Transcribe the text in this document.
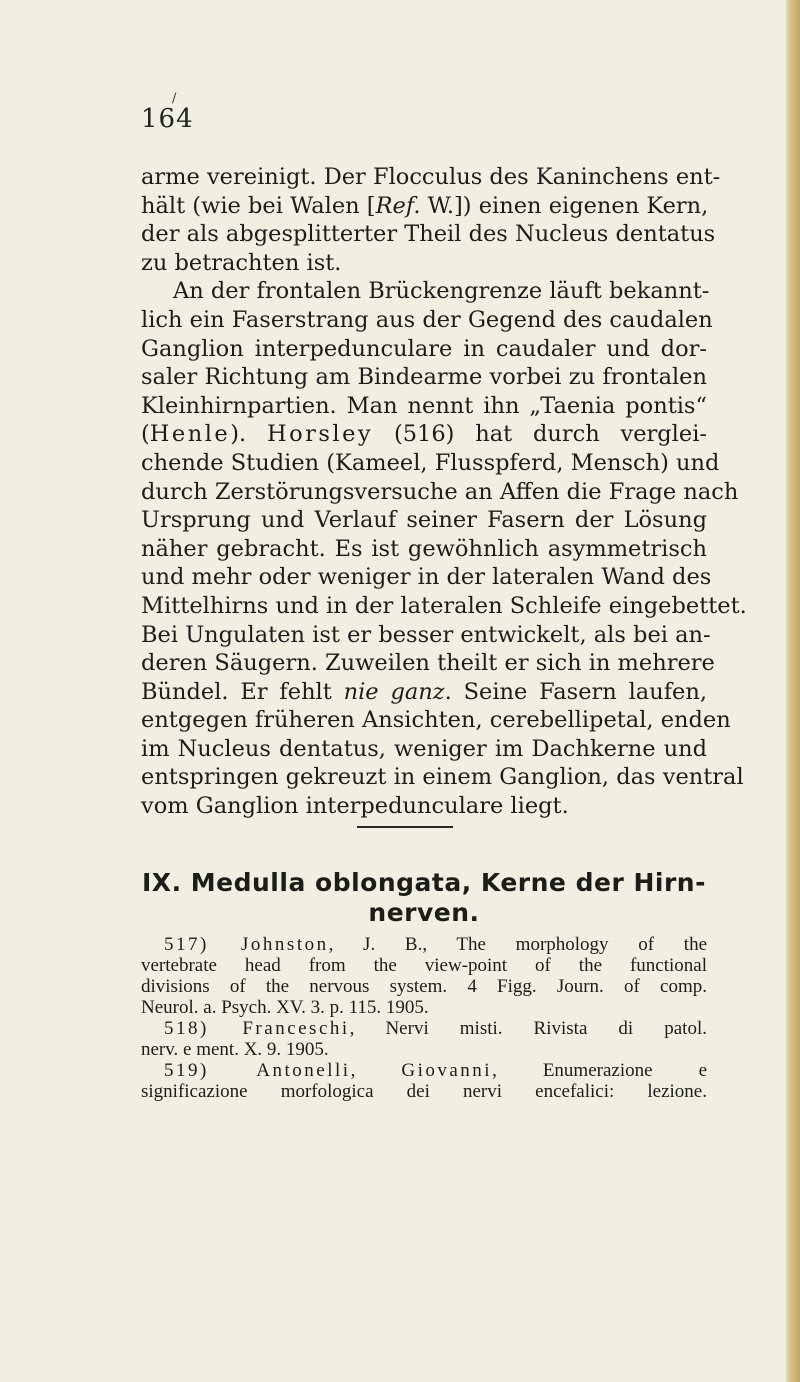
/
164
arme vereinigt. Der Flocculus des Kaninchens ent-
hält (wie bei Walen [Ref. W.]) einen eigenen Kern,
der als abgesplitterter Theil des Nucleus dentatus
zu betrachten ist.
An der frontalen Brückengrenze läuft bekannt-
lich ein Faserstrang aus der Gegend des caudalen
Ganglion interpedunculare in caudaler und dor-
saler Richtung am Bindearme vorbei zu frontalen
Kleinhirnpartien. Man nennt ihn „Taenia pontis“
(Henle). Horsley (516) hat durch verglei-
chende Studien (Kameel, Flusspferd, Mensch) und
durch Zerstörungsversuche an Affen die Frage nach
Ursprung und Verlauf seiner Fasern der Lösung
näher gebracht. Es ist gewöhnlich asymmetrisch
und mehr oder weniger in der lateralen Wand des
Mittelhirns und in der lateralen Schleife eingebettet.
Bei Ungulaten ist er besser entwickelt, als bei an-
deren Säugern. Zuweilen theilt er sich in mehrere
Bündel. Er fehlt nie ganz. Seine Fasern laufen,
entgegen früheren Ansichten, cerebellipetal, enden
im Nucleus dentatus, weniger im Dachkerne und
entspringen gekreuzt in einem Ganglion, das ventral
vom Ganglion interpedunculare liegt.
IX. Medulla oblongata, Kerne der Hirn-
nerven.
517) Johnston, J. B., The morphology of the
vertebrate head from the view-point of the functional
divisions of the nervous system. 4 Figg. Journ. of comp.
Neurol. a. Psych. XV. 3. p. 115. 1905.
518) Franceschi, Nervi misti. Rivista di patol.
nerv. e ment. X. 9. 1905.
519) Antonelli, Giovanni, Enumerazione e
significazione morfologica dei nervi encefalici: lezione.
